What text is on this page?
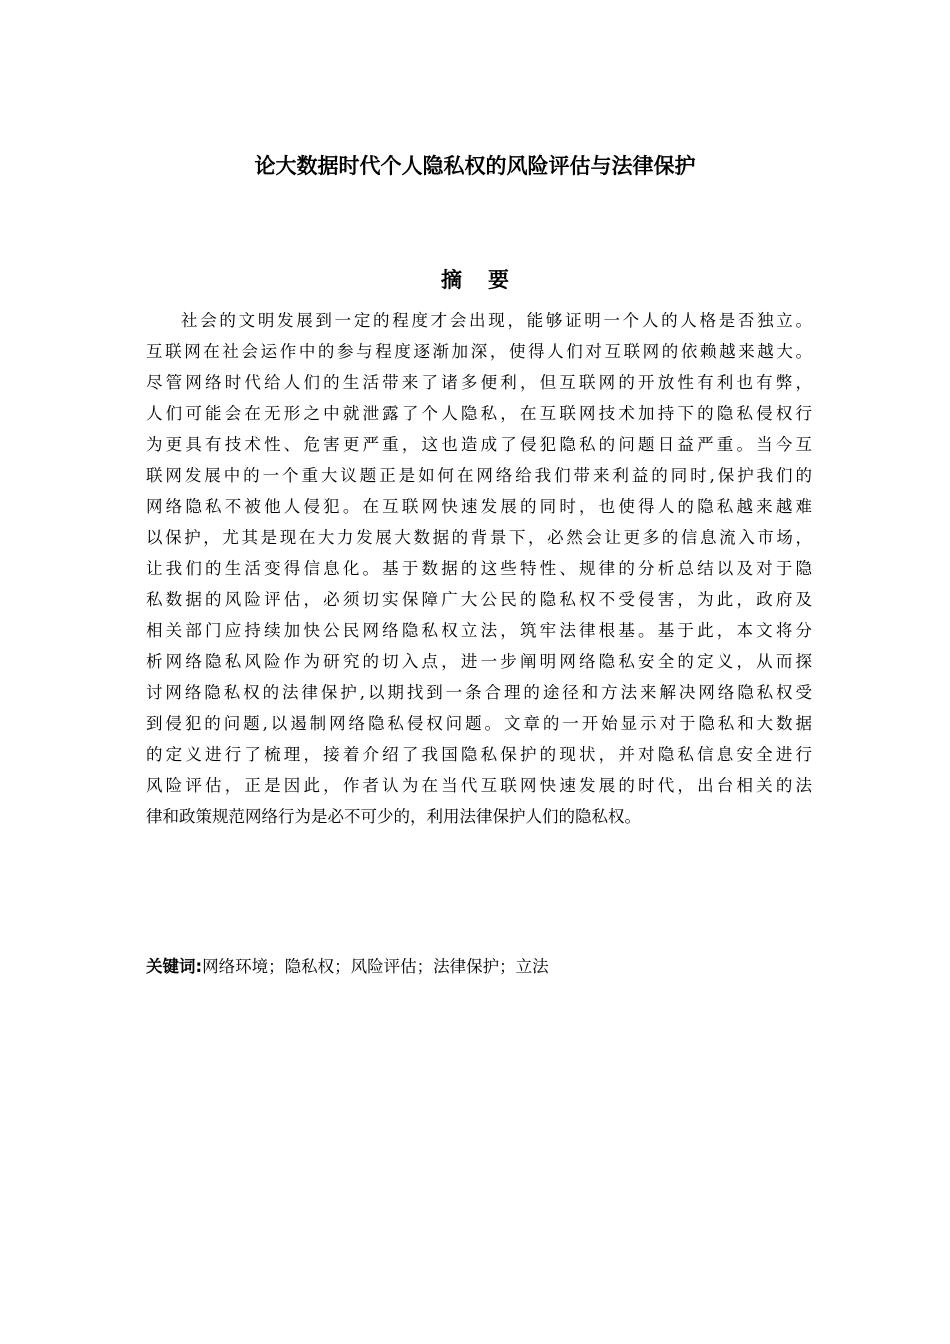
论大数据时代个人隐私权的风险评估与法律保护
摘要
社会的文明发展到一定的程度才会出现，能够证明一个人的人格是否独立。
互联网在社会运作中的参与程度逐渐加深，使得人们对互联网的依赖越来越大。
尽管网络时代给人们的生活带来了诸多便利，但互联网的开放性有利也有弊，
人们可能会在无形之中就泄露了个人隐私，在互联网技术加持下的隐私侵权行
为更具有技术性、危害更严重，这也造成了侵犯隐私的问题日益严重。当今互
联网发展中的一个重大议题正是如何在网络给我们带来利益的同时,保护我们的
网络隐私不被他人侵犯。在互联网快速发展的同时，也使得人的隐私越来越难
以保护，尤其是现在大力发展大数据的背景下，必然会让更多的信息流入市场，
让我们的生活变得信息化。基于数据的这些特性、规律的分析总结以及对于隐
私数据的风险评估，必须切实保障广大公民的隐私权不受侵害，为此，政府及
相关部门应持续加快公民网络隐私权立法，筑牢法律根基。基于此，本文将分
析网络隐私风险作为研究的切入点，进一步阐明网络隐私安全的定义，从而探
讨网络隐私权的法律保护,以期找到一条合理的途径和方法来解决网络隐私权受
到侵犯的问题,以遏制网络隐私侵权问题。文章的一开始显示对于隐私和大数据
的定义进行了梳理，接着介绍了我国隐私保护的现状，并对隐私信息安全进行
风险评估，正是因此，作者认为在当代互联网快速发展的时代，出台相关的法
律和政策规范网络行为是必不可少的，利用法律保护人们的隐私权。

关键词:网络环境；隐私权；风险评估；法律保护；立法
